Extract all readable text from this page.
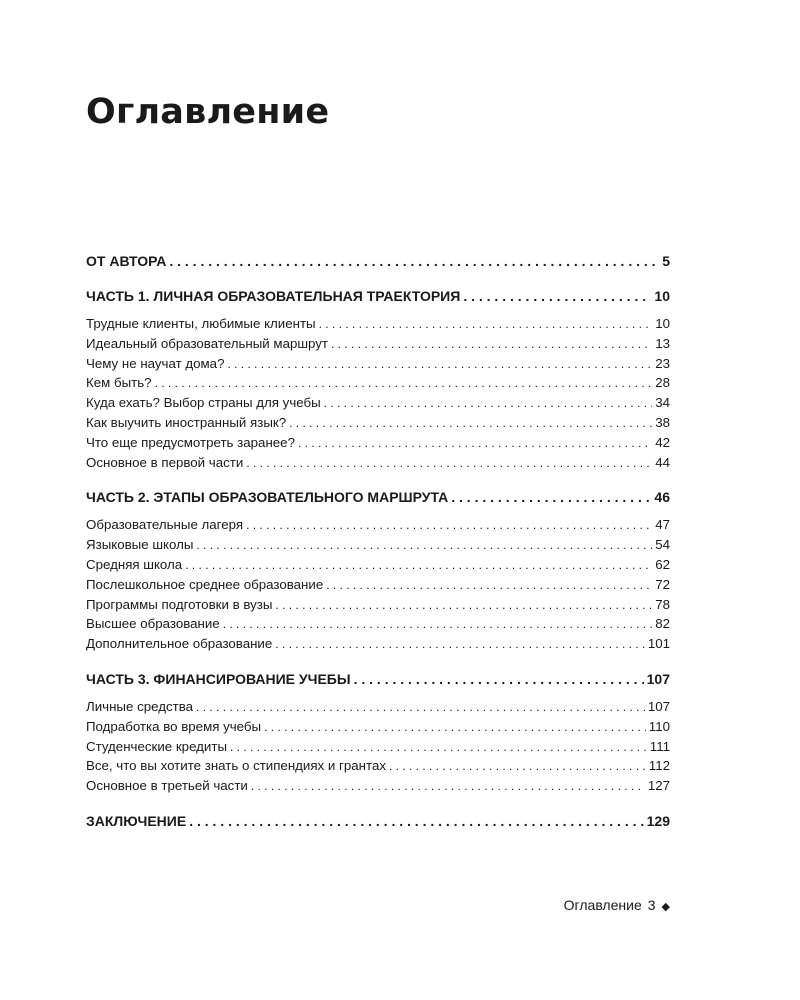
Оглавление
ОТ АВТОРА . . .	5
ЧАСТЬ 1. ЛИЧНАЯ ОБРАЗОВАТЕЛЬНАЯ ТРАЕКТОРИЯ . . .	10
Трудные клиенты, любимые клиенты . . .	10
Идеальный образовательный маршрут . . .	13
Чему не научат дома? . . .	23
Кем быть? . . .	28
Куда ехать? Выбор страны для учебы . . .	34
Как выучить иностранный язык? . . .	38
Что еще предусмотреть заранее? . . .	42
Основное в первой части . . .	44
ЧАСТЬ 2. ЭТАПЫ ОБРАЗОВАТЕЛЬНОГО МАРШРУТА . . .	46
Образовательные лагеря . . .	47
Языковые школы . . .	54
Средняя школа . . .	62
Послешкольное среднее образование . . .	72
Программы подготовки в вузы . . .	78
Высшее образование . . .	82
Дополнительное образование . . .	101
ЧАСТЬ 3. ФИНАНСИРОВАНИЕ УЧЕБЫ . . .	107
Личные средства . . .	107
Подработка во время учебы . . .	110
Студенческие кредиты . . .	111
Все, что вы хотите знать о стипендиях и грантах . . .	112
Основное в третьей части . . .	127
ЗАКЛЮЧЕНИЕ . . .	129
Оглавление 3 ◆
